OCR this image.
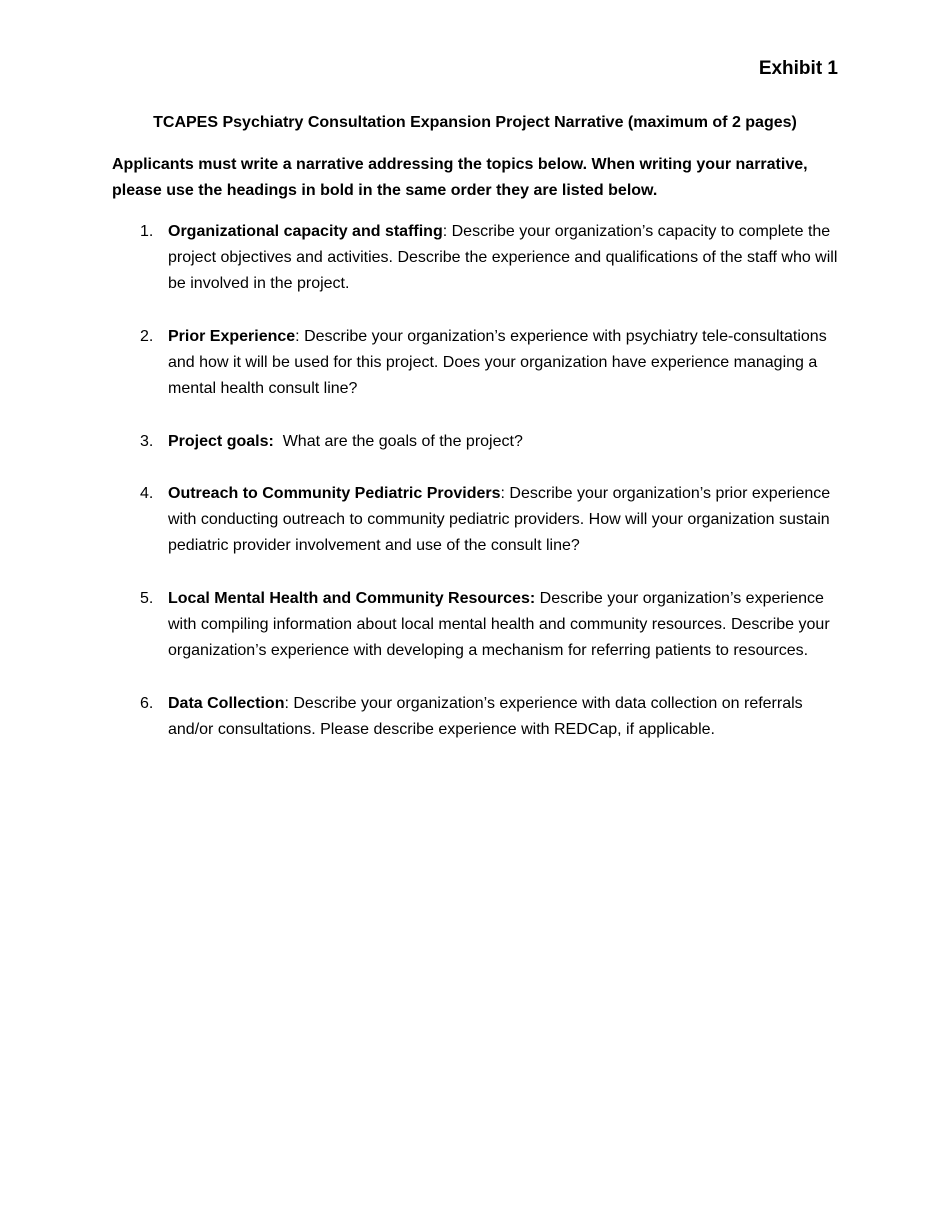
Exhibit 1
TCAPES Psychiatry Consultation Expansion Project Narrative (maximum of 2 pages)

Applicants must write a narrative addressing the topics below. When writing your narrative, please use the headings in bold in the same order they are listed below.

1. Organizational capacity and staffing: Describe your organization’s capacity to complete the project objectives and activities. Describe the experience and qualifications of the staff who will be involved in the project.
2. Prior Experience: Describe your organization’s experience with psychiatry tele-consultations and how it will be used for this project. Does your organization have experience managing a mental health consult line?
3. Project goals:  What are the goals of the project?
4. Outreach to Community Pediatric Providers: Describe your organization’s prior experience with conducting outreach to community pediatric providers. How will your organization sustain pediatric provider involvement and use of the consult line?
5. Local Mental Health and Community Resources: Describe your organization’s experience with compiling information about local mental health and community resources. Describe your organization’s experience with developing a mechanism for referring patients to resources.
6. Data Collection: Describe your organization’s experience with data collection on referrals and/or consultations. Please describe experience with REDCap, if applicable.
